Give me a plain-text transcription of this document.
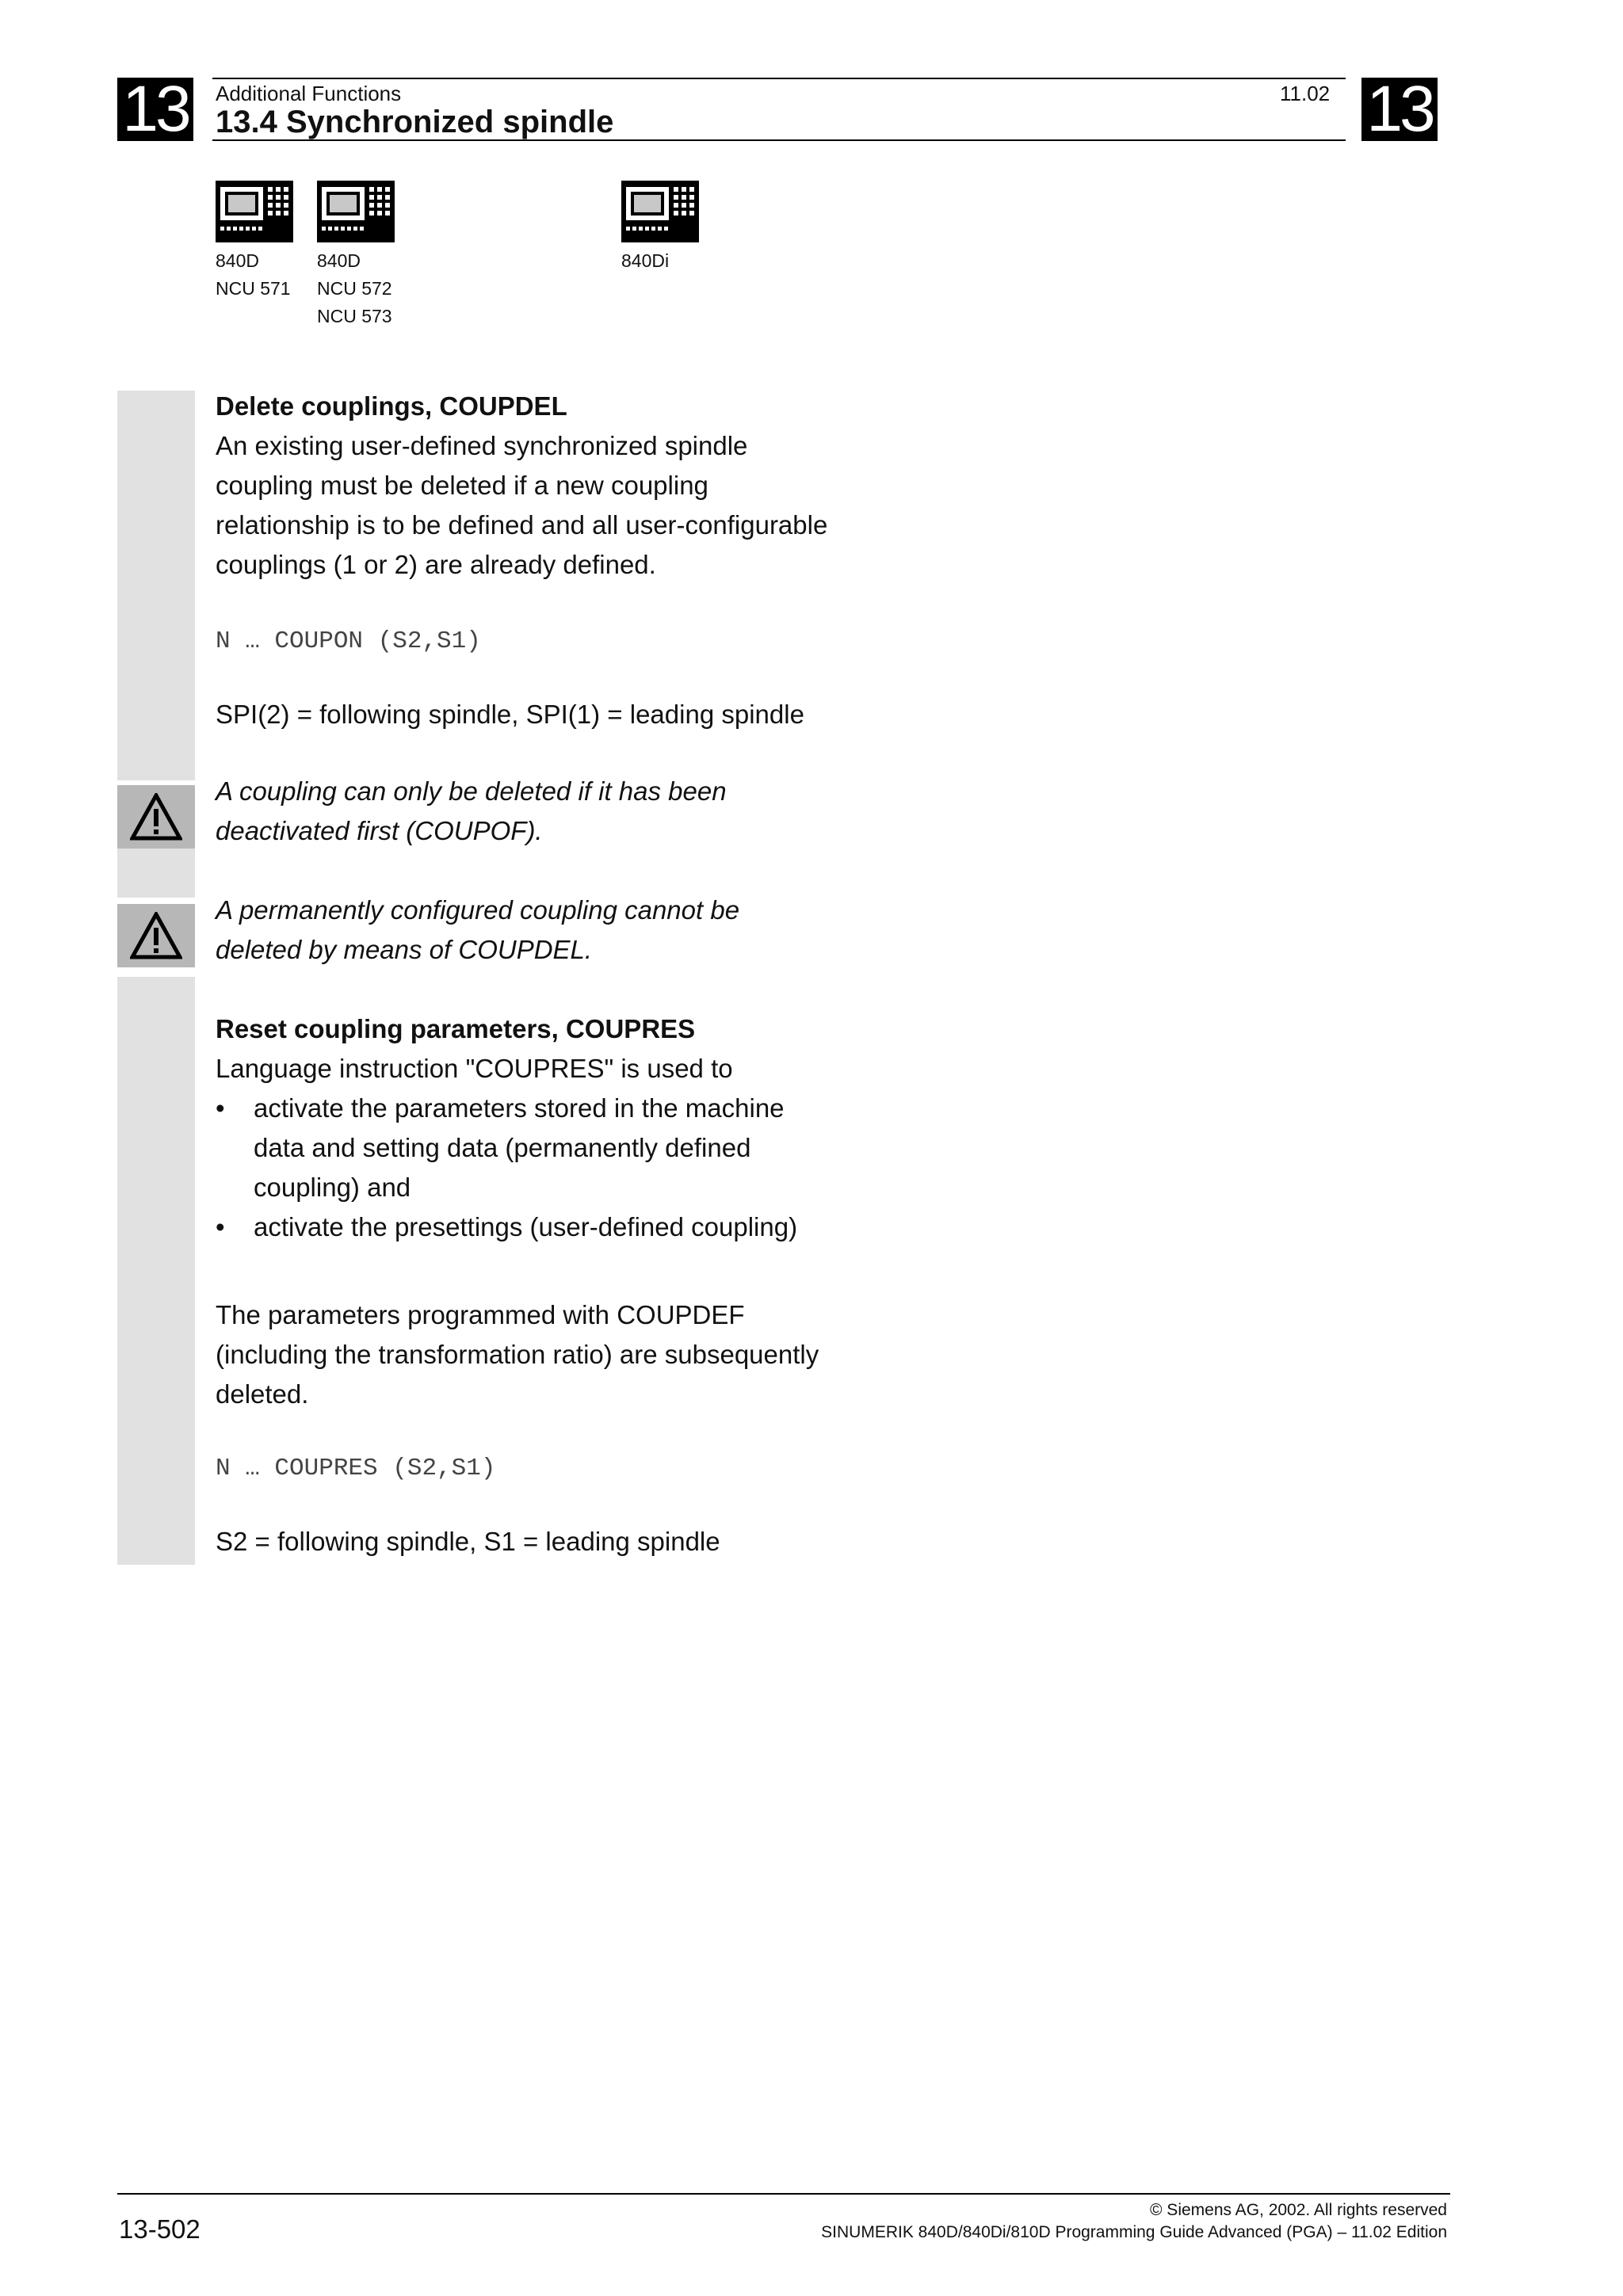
13	13
Additional Functions	11.02
13.4 Synchronized spindle
840D
NCU 571
840D
NCU 572
NCU 573
840Di

Delete couplings, COUPDEL

An existing user-defined synchronized spindle

coupling must be deleted if a new coupling

relationship is to be defined and all user-configurable

couplings (1 or 2) are already defined.

N … COUPON (S2,S1)
SPI(2) = following spindle, SPI(1) = leading spindle

A coupling can only be deleted if it has been

deactivated first (COUPOF).

A permanently configured coupling cannot be

deleted by means of COUPDEL.

Reset coupling parameters, COUPRES

Language instruction "COUPRES" is used to

•	activate the parameters stored in the machine
data and setting data (permanently defined
coupling) and
•	activate the presettings (user-defined coupling)

The parameters programmed with COUPDEF

(including the transformation ratio) are subsequently

deleted.

N … COUPRES (S2,S1)
S2 = following spindle, S1 = leading spindle
13-502
© Siemens AG, 2002. All rights reserved
SINUMERIK 840D/840Di/810D Programming Guide Advanced (PGA) – 11.02 Edition
